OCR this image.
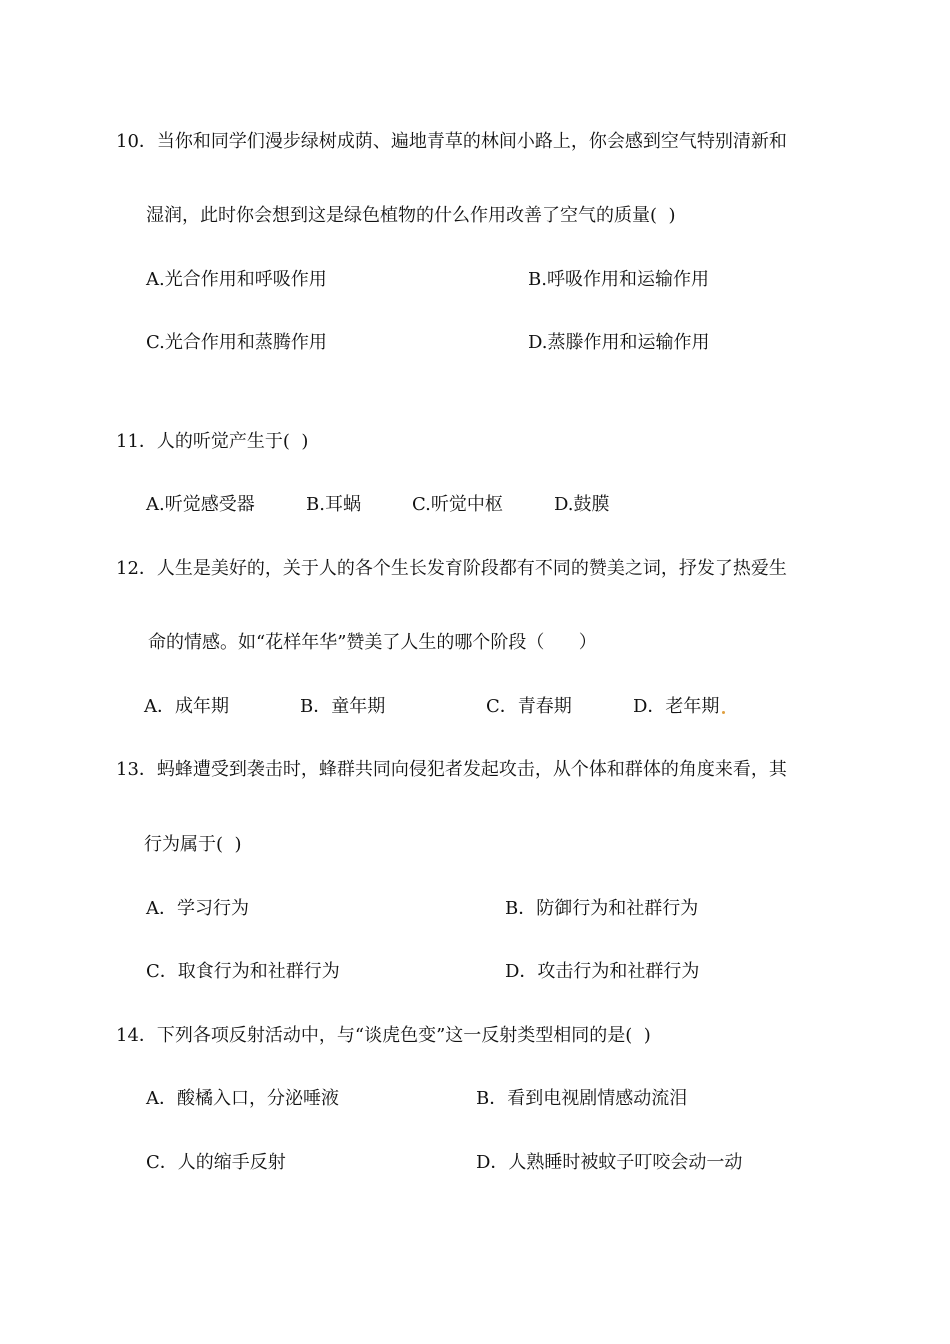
10．当你和同学们漫步绿树成荫、遍地青草的林间小路上，你会感到空气特别清新和
湿润，此时你会想到这是绿色植物的什么作用改善了空气的质量(  )
A.光合作用和呼吸作用	B.呼吸作用和运输作用
C.光合作用和蒸腾作用	D.蒸滕作用和运输作用
11．人的听觉产生于(  )
A.听觉感受器	B.耳蜗	C.听觉中枢	D.鼓膜
12．人生是美好的，关于人的各个生长发育阶段都有不同的赞美之词，抒发了热爱生
命的情感。如“花样年华”赞美了人生的哪个阶段（      ）
A．成年期	B．童年期	C．青春期	D．老年期
13．蚂蜂遭受到袭击时，蜂群共同向侵犯者发起攻击，从个体和群体的角度来看，其
行为属于(  )
A．学习行为	B．防御行为和社群行为
C．取食行为和社群行为	D．攻击行为和社群行为
14．下列各项反射活动中，与“谈虎色变”这一反射类型相同的是(  )
A．酸橘入口，分泌唾液	B．看到电视剧情感动流泪
C．人的缩手反射	D．人熟睡时被蚊子叮咬会动一动
